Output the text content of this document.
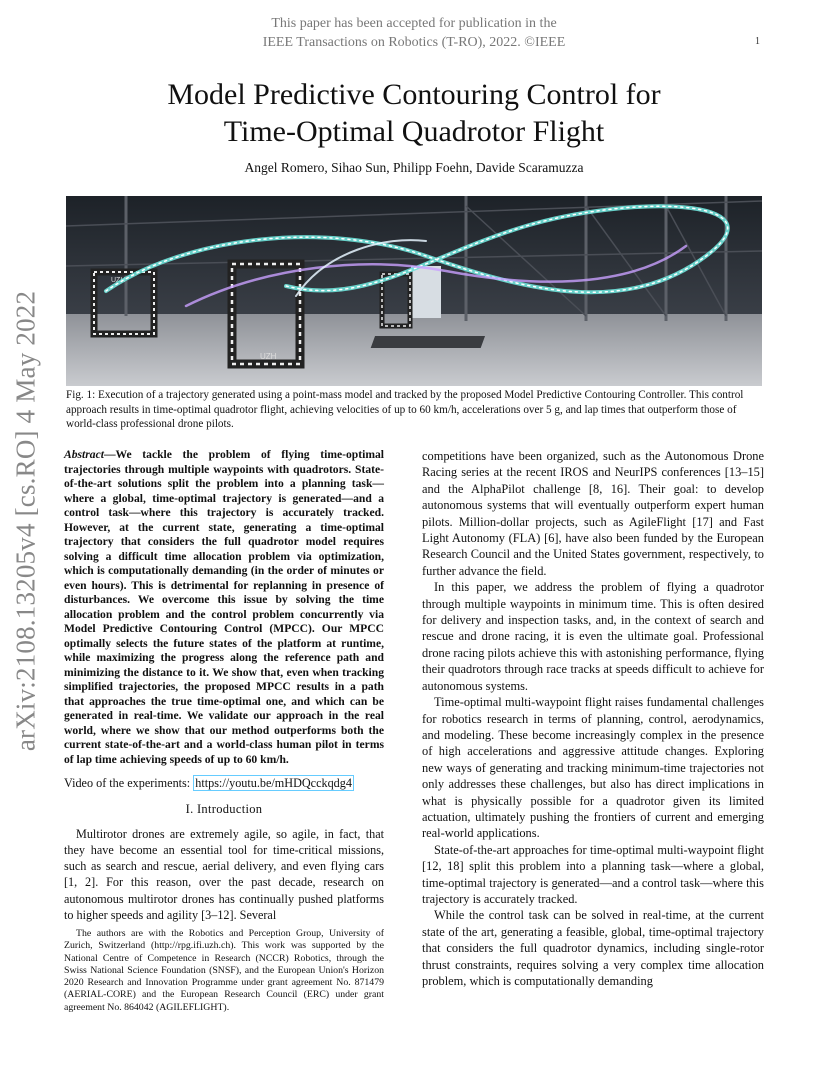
This paper has been accepted for publication in the
IEEE Transactions on Robotics (T-RO), 2022. ©IEEE	1
arXiv:2108.13205v4 [cs.RO] 4 May 2022
Model Predictive Contouring Control for
Time-Optimal Quadrotor Flight
Angel Romero, Sihao Sun, Philipp Foehn, Davide Scaramuzza
UZH
UZH
Fig. 1: Execution of a trajectory generated using a point-mass model and tracked by the proposed Model Predictive Contouring Controller. This control approach results in time-optimal quadrotor flight, achieving velocities of up to 60 km/h, accelerations over 5 g, and lap times that outperform those of world-class professional drone pilots.

Abstract—We tackle the problem of flying time-optimal trajectories through multiple waypoints with quadrotors. State-of-the-art solutions split the problem into a planning task—where a global, time-optimal trajectory is generated—and a control task—where this trajectory is accurately tracked. However, at the current state, generating a time-optimal trajectory that considers the full quadrotor model requires solving a difficult time allocation problem via optimization, which is computationally demanding (in the order of minutes or even hours). This is detrimental for replanning in presence of disturbances. We overcome this issue by solving the time allocation problem and the control problem concurrently via Model Predictive Contouring Control (MPCC). Our MPCC optimally selects the future states of the platform at runtime, while maximizing the progress along the reference path and minimizing the distance to it. We show that, even when tracking simplified trajectories, the proposed MPCC results in a path that approaches the true time-optimal one, and which can be generated in real-time. We validate our approach in the real world, where we show that our method outperforms both the current state-of-the-art and a world-class human pilot in terms of lap time achieving speeds of up to 60 km/h.

Video of the experiments: https://youtu.be/mHDQcckqdg4

I. Introduction

Multirotor drones are extremely agile, so agile, in fact, that they have become an essential tool for time-critical missions, such as search and rescue, aerial delivery, and even flying cars [1, 2]. For this reason, over the past decade, research on autonomous multirotor drones has continually pushed platforms to higher speeds and agility [3–12]. Several

The authors are with the Robotics and Perception Group, University of Zurich, Switzerland (http://rpg.ifi.uzh.ch). This work was supported by the National Centre of Competence in Research (NCCR) Robotics, through the Swiss National Science Foundation (SNSF), and the European Union's Horizon 2020 Research and Innovation Programme under grant agreement No. 871479 (AERIAL-CORE) and the European Research Council (ERC) under grant agreement No. 864042 (AGILEFLIGHT).

competitions have been organized, such as the Autonomous Drone Racing series at the recent IROS and NeurIPS conferences [13–15] and the AlphaPilot challenge [8, 16]. Their goal: to develop autonomous systems that will eventually outperform expert human pilots. Million-dollar projects, such as AgileFlight [17] and Fast Light Autonomy (FLA) [6], have also been funded by the European Research Council and the United States government, respectively, to further advance the field.

In this paper, we address the problem of flying a quadrotor through multiple waypoints in minimum time. This is often desired for delivery and inspection tasks, and, in the context of search and rescue and drone racing, it is even the ultimate goal. Professional drone racing pilots achieve this with astonishing performance, flying their quadrotors through race tracks at speeds difficult to achieve for autonomous systems.

Time-optimal multi-waypoint flight raises fundamental challenges for robotics research in terms of planning, control, aerodynamics, and modeling. These become increasingly complex in the presence of high accelerations and aggressive attitude changes. Exploring new ways of generating and tracking minimum-time trajectories not only addresses these challenges, but also has direct implications in what is physically possible for a quadrotor given its limited actuation, ultimately pushing the frontiers of current and emerging real-world applications.

State-of-the-art approaches for time-optimal multi-waypoint flight [12, 18] split this problem into a planning task—where a global, time-optimal trajectory is generated—and a control task—where this trajectory is accurately tracked.

While the control task can be solved in real-time, at the current state of the art, generating a feasible, global, time-optimal trajectory that considers the full quadrotor dynamics, including single-rotor thrust constraints, requires solving a very complex time allocation problem, which is computationally demanding
